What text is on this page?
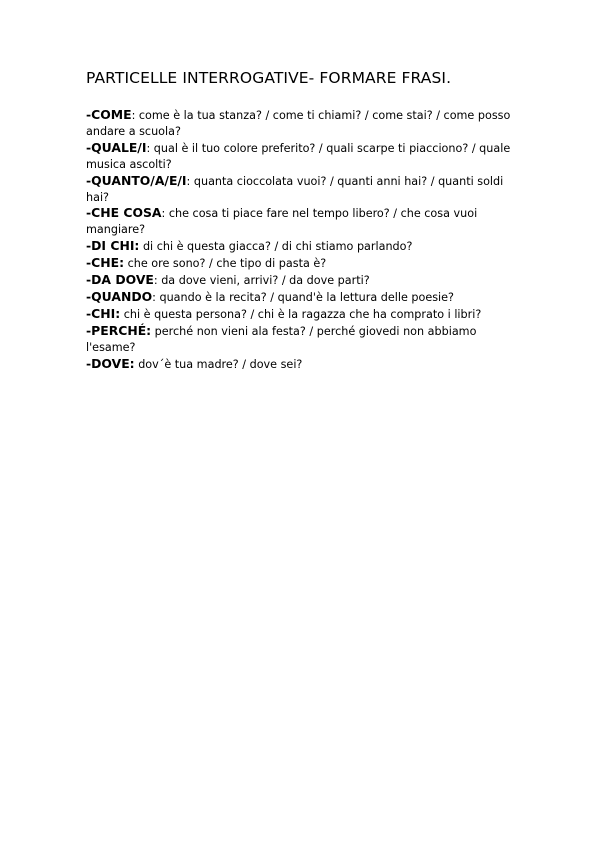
PARTICELLE INTERROGATIVE- FORMARE FRASI.
-COME: come è la tua stanza? / come ti chiami? / come stai? / come posso andare a scuola?
-QUALE/I: qual è il tuo colore preferito? / quali scarpe ti piacciono? / quale musica ascolti?
-QUANTO/A/E/I: quanta cioccolata vuoi? / quanti anni hai? / quanti soldi hai?
-CHE COSA: che cosa ti piace fare nel tempo libero? / che cosa vuoi mangiare?
-DI CHI: di chi è questa giacca? / di chi stiamo parlando?
-CHE: che ore sono? / che tipo di pasta è?
-DA DOVE: da dove vieni, arrivi? / da dove parti?
-QUANDO: quando è la recita? / quand'è la lettura delle poesie?
-CHI: chi è questa persona? / chi è la ragazza che ha comprato i libri?
-PERCHÉ: perché non vieni ala festa? / perché giovedi non abbiamo l'esame?
-DOVE: dov´è tua madre? / dove sei?
